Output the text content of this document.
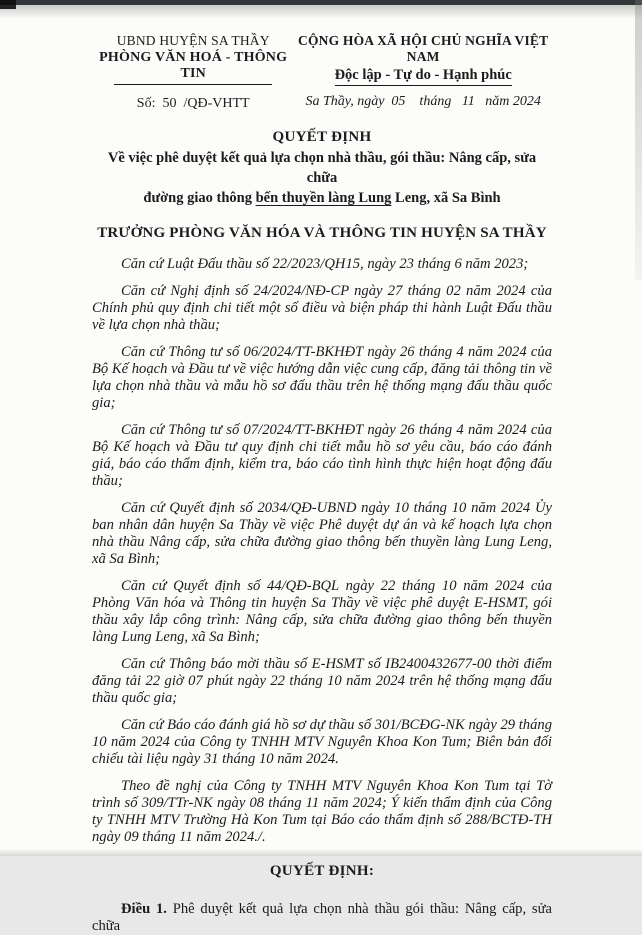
UBND HUYỆN SA THẦY
PHÒNG VĂN HOÁ - THÔNG TIN
Số:  50  /QĐ-VHTT
CỘNG HÒA XÃ HỘI CHỦ NGHĨA VIỆT NAM
Độc lập - Tự do - Hạnh phúc
Sa Thầy, ngày  05    tháng   11   năm 2024
QUYẾT ĐỊNH
Về việc phê duyệt kết quả lựa chọn nhà thầu, gói thầu: Nâng cấp, sửa chữa
đường giao thông bến thuyền làng Lung Leng, xã Sa Bình
TRƯỞNG PHÒNG VĂN HÓA VÀ THÔNG TIN HUYỆN SA THẦY

Căn cứ Luật Đấu thầu số 22/2023/QH15, ngày 23 tháng 6 năm 2023;

Căn cứ Nghị định số 24/2024/NĐ-CP ngày 27 tháng 02 năm 2024 của Chính phủ quy định chi tiết một số điều và biện pháp thi hành Luật Đấu thầu về lựa chọn nhà thầu;

Căn cứ Thông tư số 06/2024/TT-BKHĐT ngày 26 tháng 4 năm 2024 của Bộ Kế hoạch và Đầu tư về việc hướng dẫn việc cung cấp, đăng tải thông tin về lựa chọn nhà thầu và mẫu hồ sơ đấu thầu trên hệ thống mạng đấu thầu quốc gia;

Căn cứ Thông tư số 07/2024/TT-BKHĐT ngày 26 tháng 4 năm 2024 của Bộ Kế hoạch và Đầu tư quy định chi tiết mẫu hồ sơ yêu cầu, báo cáo đánh giá, báo cáo thẩm định, kiểm tra, báo cáo tình hình thực hiện hoạt động đấu thầu;

Căn cứ Quyết định số 2034/QĐ-UBND ngày 10 tháng 10 năm 2024 Ủy ban nhân dân huyện Sa Thầy về việc Phê duyệt dự án và kế hoạch lựa chọn nhà thầu Nâng cấp, sửa chữa đường giao thông bến thuyền làng Lung Leng, xã Sa Bình;

Căn cứ Quyết định số 44/QĐ-BQL ngày 22 tháng 10 năm 2024 của Phòng Văn hóa và Thông tin huyện Sa Thầy về việc phê duyệt E-HSMT, gói thầu xây lắp công trình: Nâng cấp, sửa chữa đường giao thông bến thuyền làng Lung Leng, xã Sa Bình;

Căn cứ Thông báo mời thầu số E-HSMT số IB2400432677-00 thời điểm đăng tải 22 giờ 07 phút ngày 22 tháng 10 năm 2024 trên hệ thống mạng đấu thầu quốc gia;

Căn cứ Báo cáo đánh giá hồ sơ dự thầu số 301/BCĐG-NK ngày 29 tháng 10 năm 2024 của Công ty TNHH MTV Nguyên Khoa Kon Tum; Biên bản đối chiếu tài liệu ngày 31 tháng 10 năm 2024.

Theo đề nghị của Công ty TNHH MTV Nguyên Khoa Kon Tum tại Tờ trình số 309/TTr-NK ngày 08 tháng 11 năm 2024; Ý kiến thẩm định của Công ty TNHH MTV Trường Hà Kon Tum tại Báo cáo thẩm định số 288/BCTĐ-TH ngày 09 tháng 11 năm 2024./.

QUYẾT ĐỊNH:

Điều 1. Phê duyệt kết quả lựa chọn nhà thầu gói thầu: Nâng cấp, sửa chữa
